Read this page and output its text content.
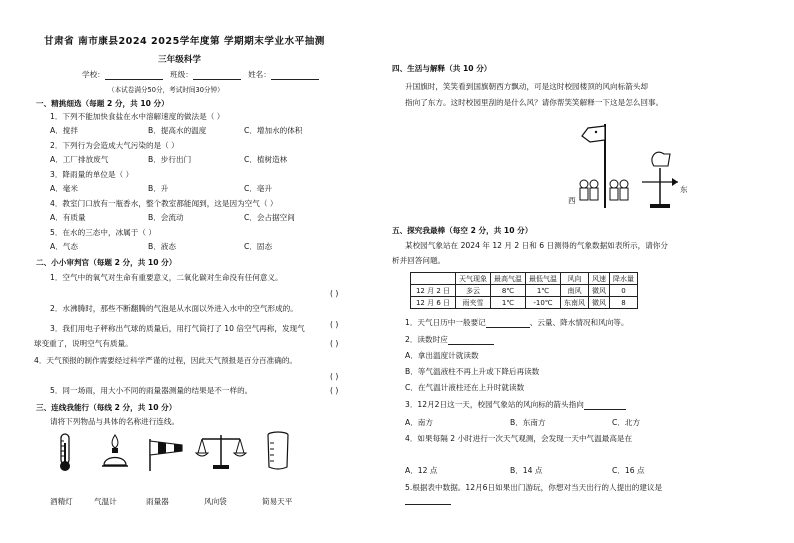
甘肃省 南市康县2024 2025学年度第 学期期末学业水平抽测
三年级科学
学校：	班级：	姓名：
（本试卷满分50分，考试时间30分钟）
一、精挑细选（每题 2 分，共 10 分）
1．下列不能加快食盐在水中溶解速度的做法是（ ）
A．搅拌	B．提高水的温度	C．增加水的体积
2．下列行为会造成大气污染的是（ ）
A．工厂排放废气	B．步行出门	C．植树造林
3．降雨量的单位是（ ）
A．毫米	B．升	C．亳升
4．教室门口放有一瓶香水，整个教室都能闻到，这是因为空气（ ）
A．有质量	B．会流动	C．会占据空间
5．在水的三态中，冰属于（ ）
A．气态	B．液态	C．固态
二、小小审判官（每题 2 分，共 10 分）
1．空气中的氧气对生命有重要意义，二氧化碳对生命没有任何意义。
( )
2．水沸腾时，那些不断翻腾的气泡是从水面以外进入水中的空气形成的。
( )
3．我们用电子秤称出气球的质量后，用打气筒打了 10 倍空气再称，发现气
球变重了，说明空气有质量。	( )
4．天气预报的制作需要经过科学严谨的过程，因此天气预报是百分百准确的。
( )
5．同一场雨，用大小不同的雨量器测量的结果是不一样的。	( )
三、连线我能行（每线 2 分，共 10 分）
请将下列物品与具体的名称进行连线。
酒精灯	气温计	雨量器	风向袋	简易天平
四、生活与解释（共 10 分）
升国旗时，笑笑看到国旗朝西方飘动，可是这时校园楼顶的风向标箭头却
指向了东方。这时校园里刮的是什么风？请你帮笑笑解释一下这是怎么回事。
西
东
五、探究我最棒（每空 2 分，共 10 分）
某校园气象站在 2024 年 12 月 2 日和 6 日测得的气象数据如表所示，请你分
析并回答问题。
	天气现象	最高气温	最低气温	风向	风速	降水量
12 月 2 日	多云	8℃	1℃	南风	微风	0
12 月 6 日	雨夹雪	1℃	-10℃	东南风	微风	8
1．天气日历中一般要记	、云量、降水情况和风向等。
2．读数时应
A．拿出温度计就读数
B．等气温液柱不再上升或下降后再读数
C．在气温计液柱还在上升时就读数
3．12月2日这一天，校园气象站的风向标的箭头指向
A．南方	B．东南方	C．北方
4．如果每隔 2 小时进行一次天气观测，会发现一天中气温最高是在
A．12 点	B．14 点	C．16 点
5.根据表中数据。12月6日如果出门游玩，你想对当天出行的人提出的建议是
